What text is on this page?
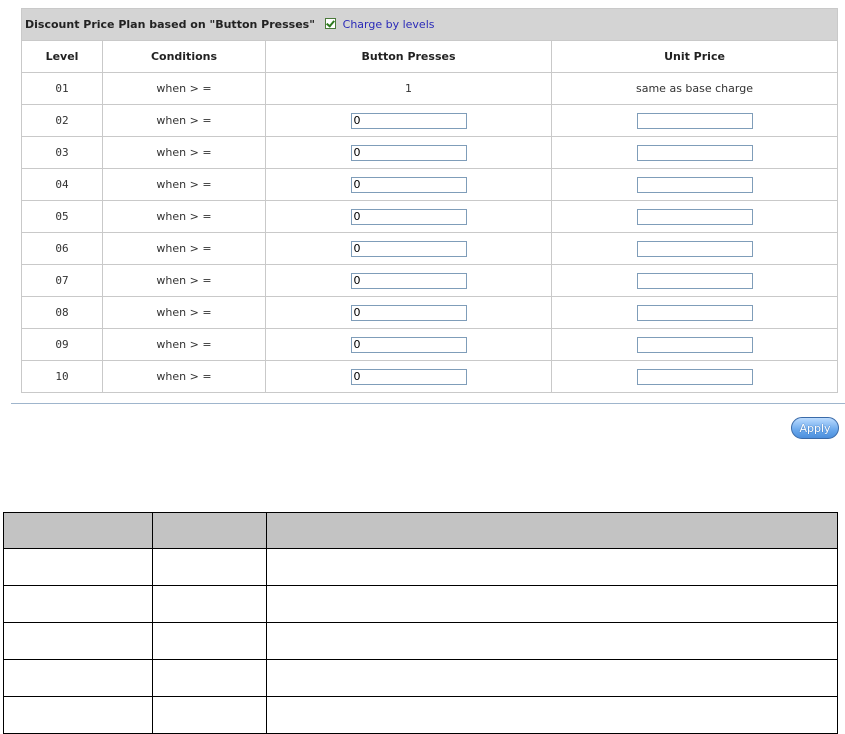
Discount Price Plan based on "Button Presses" Charge by levels			
Level	Conditions	Button Presses	Unit Price
01	when > =	1	same as base charge
02	when > =	0	
03	when > =	0	
04	when > =	0	
05	when > =	0	
06	when > =	0	
07	when > =	0	
08	when > =	0	
09	when > =	0	
10	when > =	0	
Apply
